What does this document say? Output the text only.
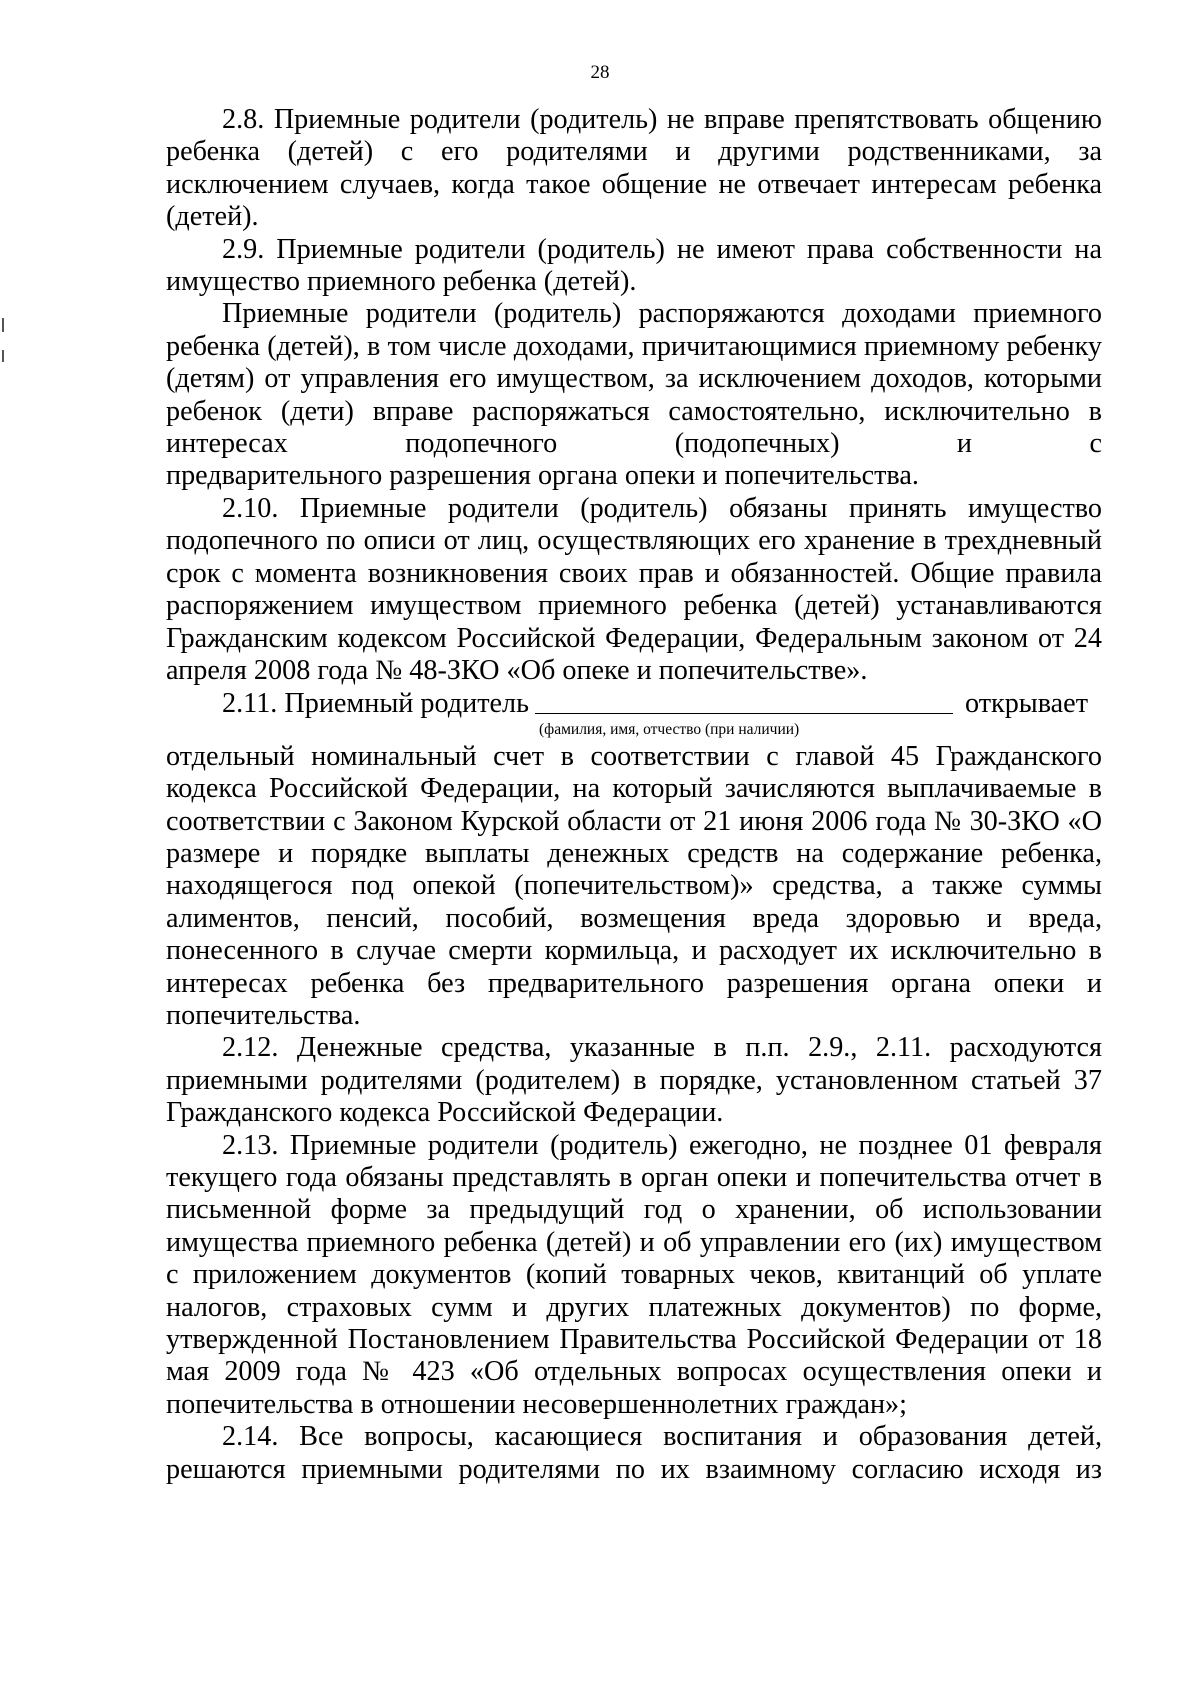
28

2.8. Приемные родители (родитель) не вправе препятствовать общению ребенка (детей) с его родителями и другими родственниками, за исключением случаев, когда такое общение не отвечает интересам ребенка (детей).

2.9. Приемные родители (родитель) не имеют права собственности на имущество приемного ребенка (детей).

Приемные родители (родитель) распоряжаются доходами приемного ребенка (детей), в том числе доходами, причитающимися приемному ребенку (детям) от управления его имуществом, за исключением доходов, которыми ребенок (дети) вправе распоряжаться самостоятельно, исключительно в интересах подопечного (подопечных) и с

предварительного разрешения органа опеки и попечительства.

2.10. Приемные родители (родитель) обязаны принять имущество подопечного по описи от лиц, осуществляющих его хранение в трехдневный срок с момента возникновения своих прав и обязанностей. Общие правила распоряжением имуществом приемного ребенка (детей) устанавливаются Гражданским кодексом Российской Федерации, Федеральным законом от 24 апреля 2008 года № 48-ЗКО «Об опеке и попечительстве».

2.11. Приемный родитель	открывает
(фамилия, имя, отчество (при наличии)

отдельный номинальный счет в соответствии с главой 45 Гражданского кодекса Российской Федерации, на который зачисляются выплачиваемые в соответствии с Законом Курской области от 21 июня 2006 года № 30-ЗКО «О размере и порядке выплаты денежных средств на содержание ребенка, находящегося под опекой (попечительством)» средства, а также суммы алиментов, пенсий, пособий, возмещения вреда здоровью и вреда, понесенного в случае смерти кормильца, и расходует их исключительно в интересах ребенка без предварительного разрешения органа опеки и попечительства.

2.12. Денежные средства, указанные в п.п. 2.9., 2.11. расходуются приемными родителями (родителем) в порядке, установленном статьей 37 Гражданского кодекса Российской Федерации.

2.13. Приемные родители (родитель) ежегодно, не позднее 01 февраля текущего года обязаны представлять в орган опеки и попечительства отчет в письменной форме за предыдущий год о хранении, об использовании имущества приемного ребенка (детей) и об управлении его (их) имуществом с приложением документов (копий товарных чеков, квитанций об уплате налогов, страховых сумм и других платежных документов) по форме, утвержденной Постановлением Правительства Российской Федерации от 18 мая 2009 года № 423 «Об отдельных вопросах осуществления опеки и попечительства в отношении несовершеннолетних граждан»;

2.14. Все вопросы, касающиеся воспитания и образования детей, решаются приемными родителями по их взаимному согласию исходя из
